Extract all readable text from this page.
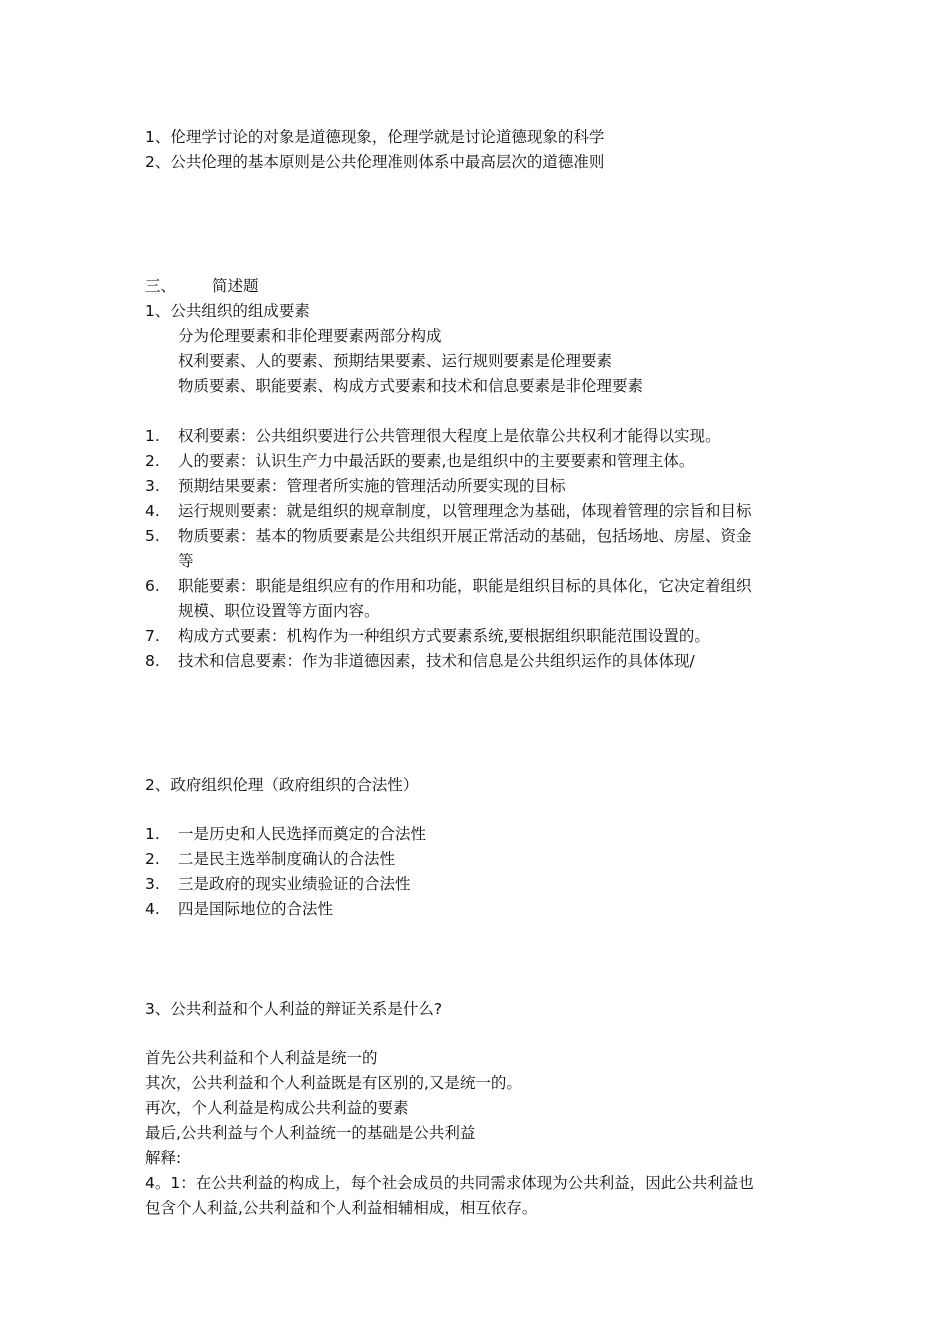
1、伦理学讨论的对象是道德现象，伦理学就是讨论道德现象的科学
2、公共伦理的基本原则是公共伦理准则体系中最高层次的道德准则
三、 简述题
1、公共组织的组成要素
分为伦理要素和非伦理要素两部分构成
权利要素、人的要素、预期结果要素、运行规则要素是伦理要素
物质要素、职能要素、构成方式要素和技术和信息要素是非伦理要素
1. 权利要素：公共组织要进行公共管理很大程度上是依靠公共权利才能得以实现。
2. 人的要素：认识生产力中最活跃的要素,也是组织中的主要要素和管理主体。
3. 预期结果要素：管理者所实施的管理活动所要实现的目标
4. 运行规则要素：就是组织的规章制度，以管理理念为基础，体现着管理的宗旨和目标
5. 物质要素：基本的物质要素是公共组织开展正常活动的基础，包括场地、房屋、资金
等
6. 职能要素：职能是组织应有的作用和功能，职能是组织目标的具体化，它决定着组织
规模、职位设置等方面内容。
7. 构成方式要素：机构作为一种组织方式要素系统,要根据组织职能范围设置的。
8. 技术和信息要素：作为非道德因素，技术和信息是公共组织运作的具体体现/
2、政府组织伦理（政府组织的合法性）
1. 一是历史和人民选择而奠定的合法性
2. 二是民主选举制度确认的合法性
3. 三是政府的现实业绩验证的合法性
4. 四是国际地位的合法性
3、公共利益和个人利益的辩证关系是什么?
首先公共利益和个人利益是统一的
其次，公共利益和个人利益既是有区别的,又是统一的。
再次，个人利益是构成公共利益的要素
最后,公共利益与个人利益统一的基础是公共利益
解释:
4。1：在公共利益的构成上，每个社会成员的共同需求体现为公共利益，因此公共利益也
包含个人利益,公共利益和个人利益相辅相成，相互依存。
